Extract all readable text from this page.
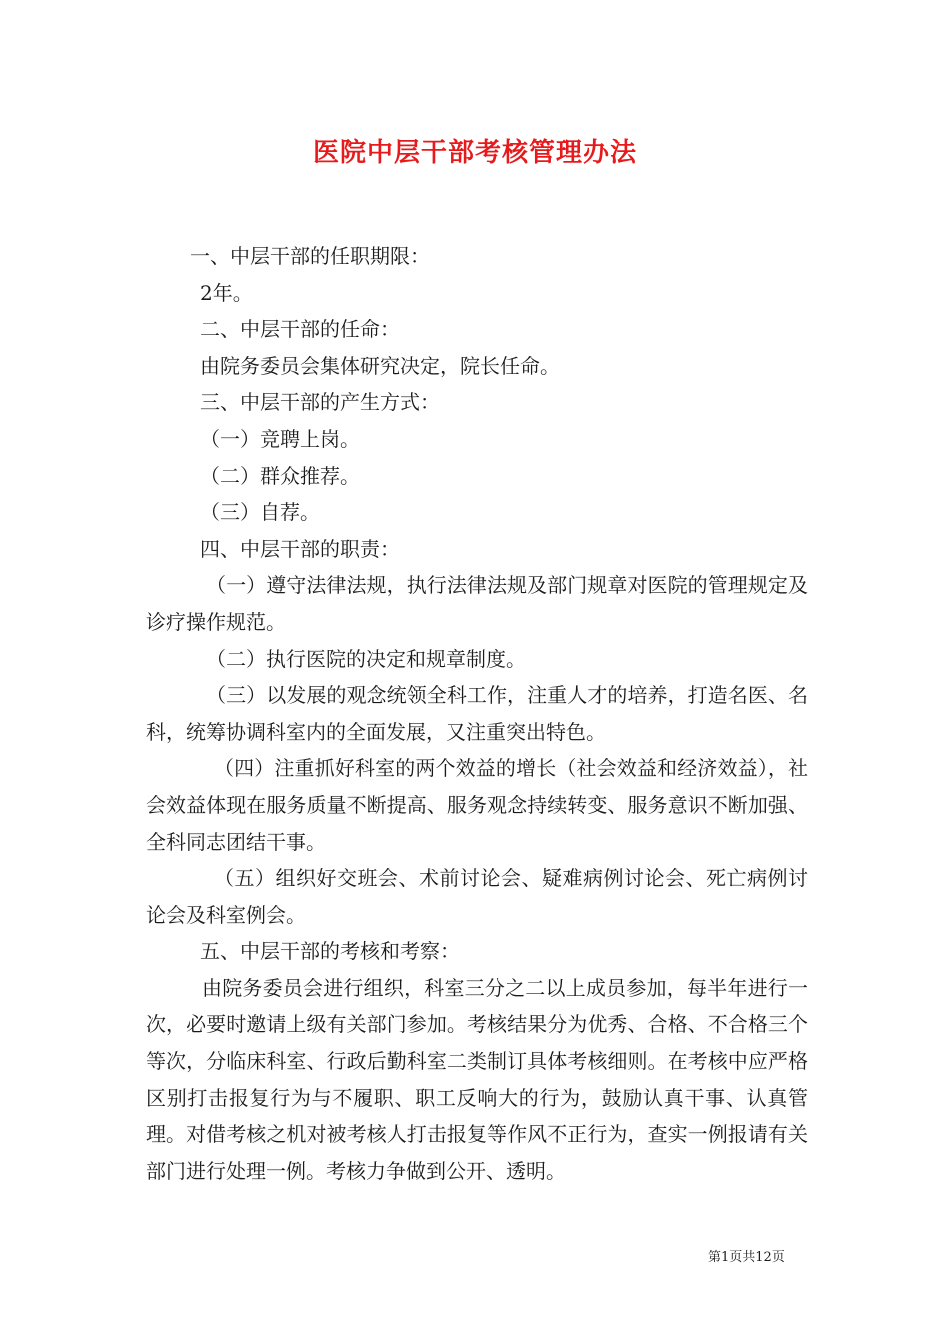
医院中层干部考核管理办法

一、中层干部的任职期限：

2年。

二、中层干部的任命：

由院务委员会集体研究决定，院长任命。

三、中层干部的产生方式：

（一）竞聘上岗。

（二）群众推荐。

（三）自荐。

四、中层干部的职责：

（一）遵守法律法规，执行法律法规及部门规章对医院的管理规定及诊疗操作规范。

（二）执行医院的决定和规章制度。

（三）以发展的观念统领全科工作，注重人才的培养，打造名医、名科，统筹协调科室内的全面发展，又注重突出特色。

（四）注重抓好科室的两个效益的增长（社会效益和经济效益），社会效益体现在服务质量不断提高、服务观念持续转变、服务意识不断加强、全科同志团结干事。

（五）组织好交班会、术前讨论会、疑难病例讨论会、死亡病例讨论会及科室例会。

五、中层干部的考核和考察：

由院务委员会进行组织，科室三分之二以上成员参加，每半年进行一次，必要时邀请上级有关部门参加。考核结果分为优秀、合格、不合格三个等次，分临床科室、行政后勤科室二类制订具体考核细则。在考核中应严格区别打击报复行为与不履职、职工反响大的行为，鼓励认真干事、认真管理。对借考核之机对被考核人打击报复等作风不正行为，查实一例报请有关部门进行处理一例。考核力争做到公开、透明。

第1页共12页
